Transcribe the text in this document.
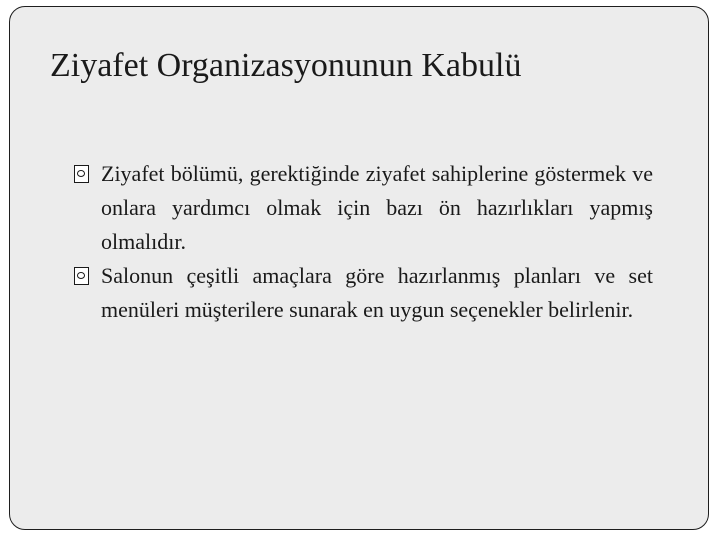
Ziyafet Organizasyonunun Kabulü
Ziyafet bölümü, gerektiğinde ziyafet sahiplerine göstermek ve onlara yardımcı olmak için bazı ön hazırlıkları yapmış olmalıdır.
Salonun çeşitli amaçlara göre hazırlanmış planları ve set menüleri müşterilere sunarak en uygun seçenekler belirlenir.
